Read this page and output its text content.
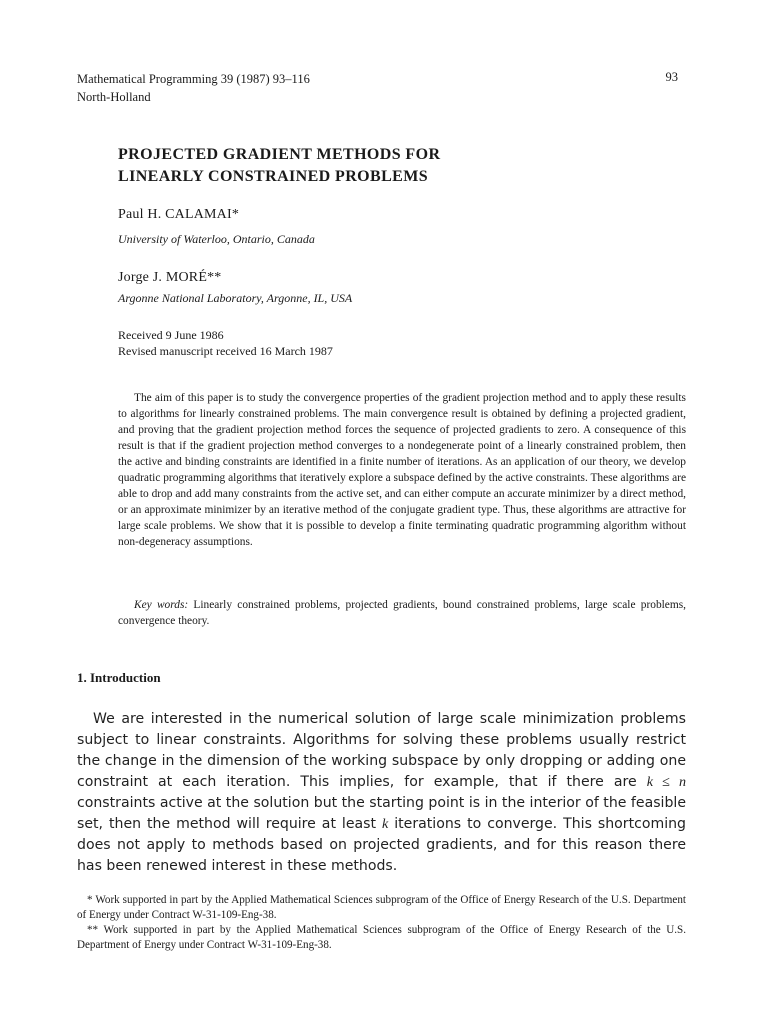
Mathematical Programming 39 (1987) 93–116
North-Holland
93
PROJECTED GRADIENT METHODS FOR
LINEARLY CONSTRAINED PROBLEMS
Paul H. CALAMAI*
University of Waterloo, Ontario, Canada
Jorge J. MORÉ**
Argonne National Laboratory, Argonne, IL, USA
Received 9 June 1986
Revised manuscript received 16 March 1987

The aim of this paper is to study the convergence properties of the gradient projection method and to apply these results to algorithms for linearly constrained problems. The main convergence result is obtained by defining a projected gradient, and proving that the gradient projection method forces the sequence of projected gradients to zero. A consequence of this result is that if the gradient projection method converges to a nondegenerate point of a linearly constrained problem, then the active and binding constraints are identified in a finite number of iterations. As an application of our theory, we develop quadratic programming algorithms that iteratively explore a subspace defined by the active constraints. These algorithms are able to drop and add many constraints from the active set, and can either compute an accurate minimizer by a direct method, or an approximate minimizer by an iterative method of the conjugate gradient type. Thus, these algorithms are attractive for large scale problems. We show that it is possible to develop a finite terminating quadratic programming algorithm without non-degeneracy assumptions.

Key words: Linearly constrained problems, projected gradients, bound constrained problems, large scale problems, convergence theory.

1. Introduction

We are interested in the numerical solution of large scale minimization problems subject to linear constraints. Algorithms for solving these problems usually restrict the change in the dimension of the working subspace by only dropping or adding one constraint at each iteration. This implies, for example, that if there are k ≤ n constraints active at the solution but the starting point is in the interior of the feasible set, then the method will require at least k iterations to converge. This shortcoming does not apply to methods based on projected gradients, and for this reason there has been renewed interest in these methods.

* Work supported in part by the Applied Mathematical Sciences subprogram of the Office of Energy Research of the U.S. Department of Energy under Contract W-31-109-Eng-38.

** Work supported in part by the Applied Mathematical Sciences subprogram of the Office of Energy Research of the U.S. Department of Energy under Contract W-31-109-Eng-38.
